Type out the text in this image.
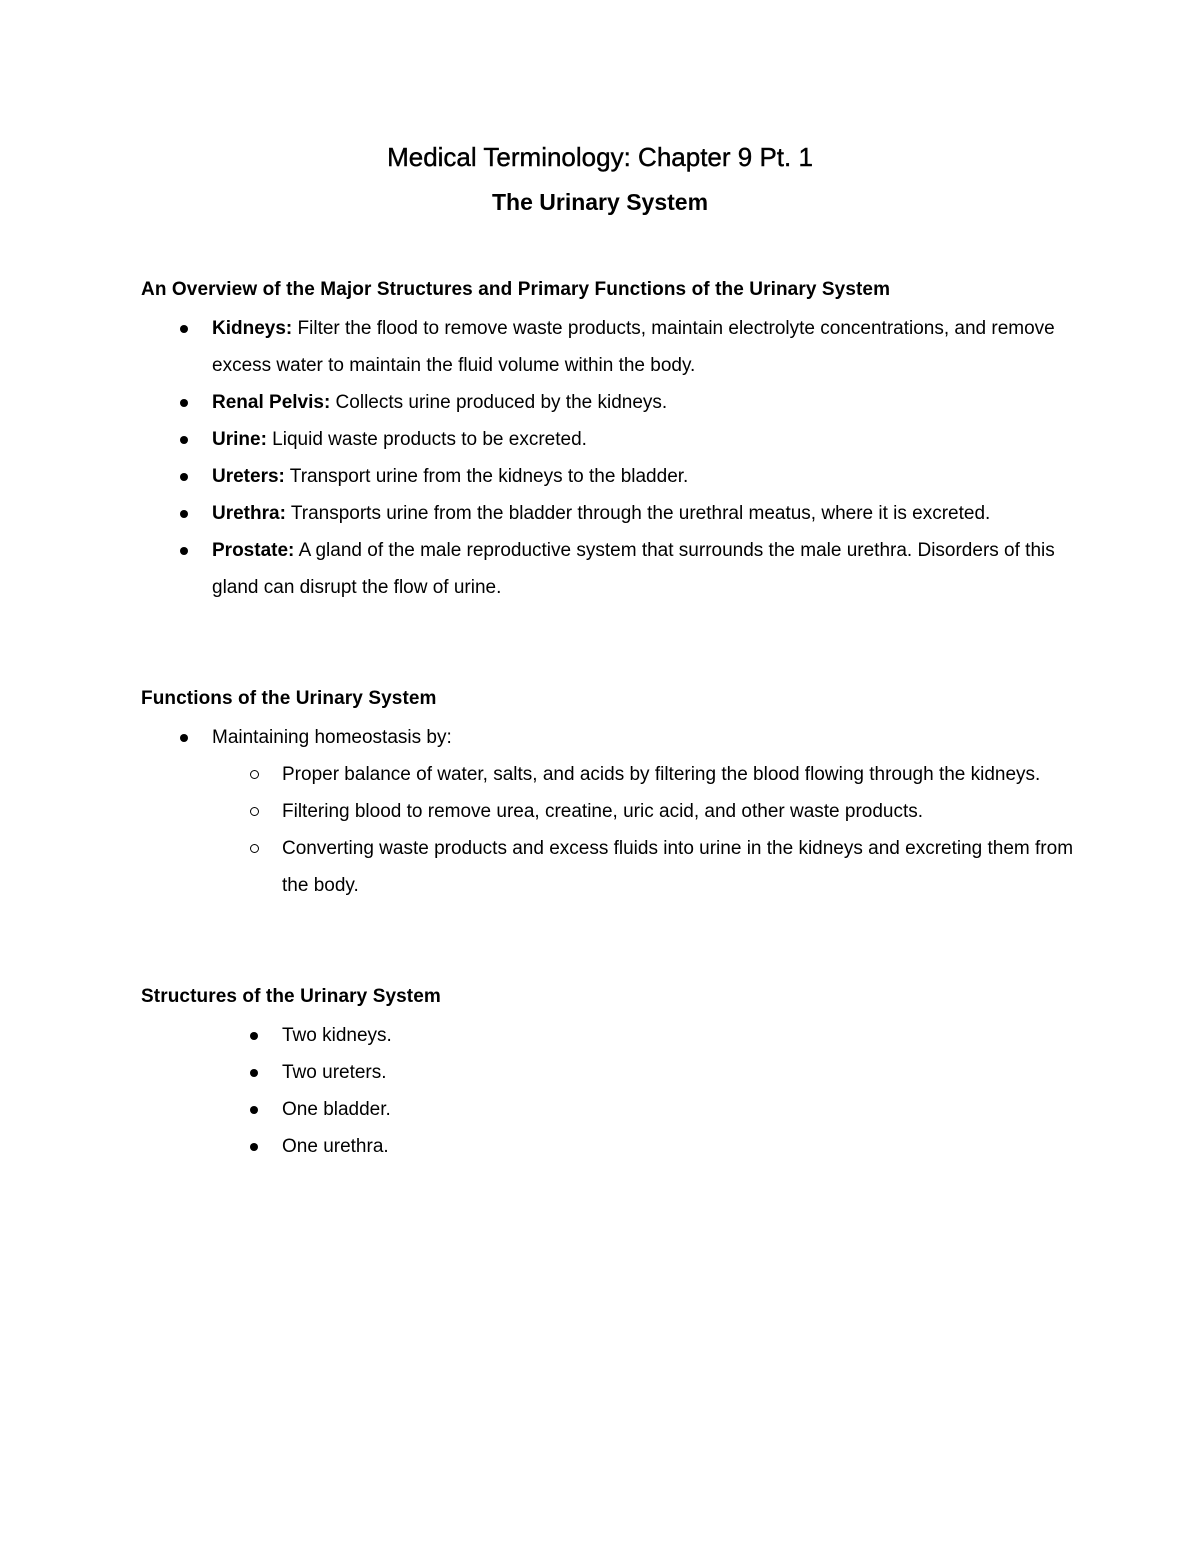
Medical Terminology: Chapter 9 Pt. 1
The Urinary System
An Overview of the Major Structures and Primary Functions of the Urinary System
Kidneys: Filter the flood to remove waste products, maintain electrolyte concentrations, and remove excess water to maintain the fluid volume within the body.
Renal Pelvis: Collects urine produced by the kidneys.
Urine: Liquid waste products to be excreted.
Ureters: Transport urine from the kidneys to the bladder.
Urethra: Transports urine from the bladder through the urethral meatus, where it is excreted.
Prostate: A gland of the male reproductive system that surrounds the male urethra. Disorders of this gland can disrupt the flow of urine.
Functions of the Urinary System
Maintaining homeostasis by:
Proper balance of water, salts, and acids by filtering the blood flowing through the kidneys.
Filtering blood to remove urea, creatine, uric acid, and other waste products.
Converting waste products and excess fluids into urine in the kidneys and excreting them from the body.
Structures of the Urinary System
Two kidneys.
Two ureters.
One bladder.
One urethra.
